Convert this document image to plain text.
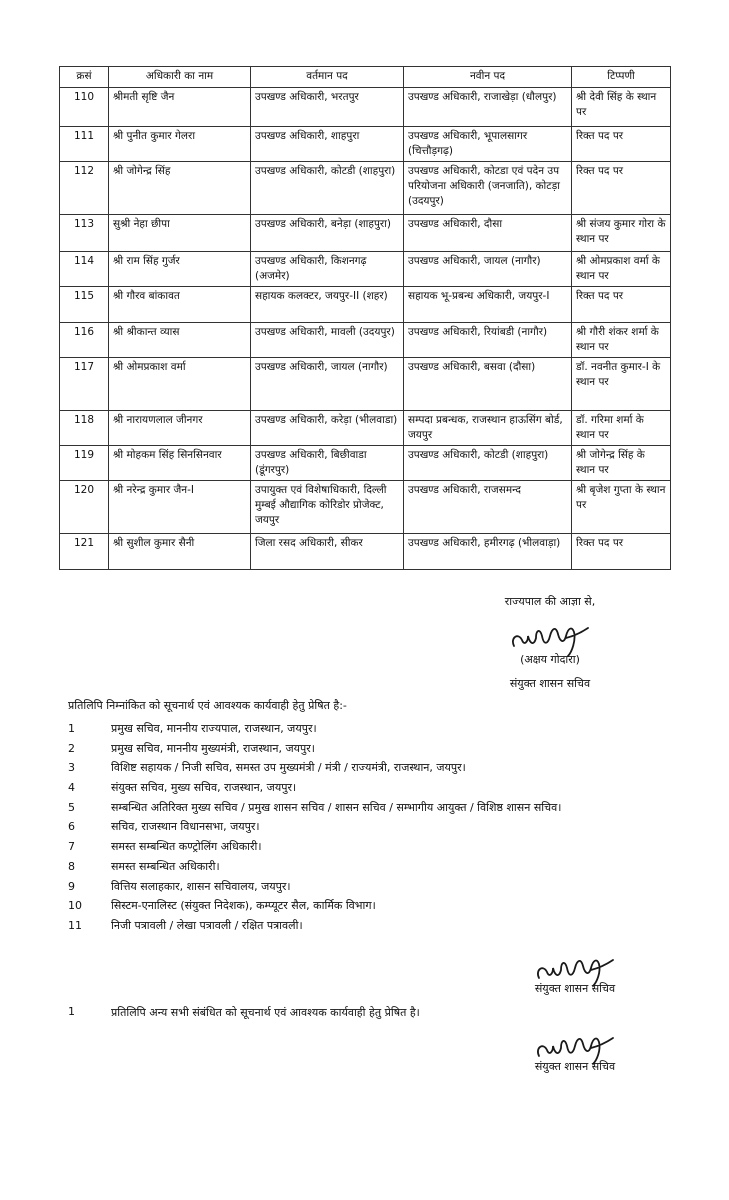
क्रसं	अधिकारी का नाम	वर्तमान पद	नवीन पद	टिप्पणी
110	श्रीमती सृष्टि जैन	उपखण्ड अधिकारी, भरतपुर	उपखण्ड अधिकारी, राजाखेड़ा (धौलपुर)	श्री देवी सिंह के स्थान पर
111	श्री पुनीत कुमार गेलरा	उपखण्ड अधिकारी, शाहपुरा	उपखण्ड अधिकारी, भूपालसागर (चित्तौड़गढ़)	रिक्त पद पर
112	श्री जोगेन्द्र सिंह	उपखण्ड अधिकारी, कोटडी (शाहपुरा)	उपखण्ड अधिकारी, कोटडा एवं पदेन उप परियोजना अधिकारी (जनजाति), कोटड़ा (उदयपुर)	रिक्त पद पर
113	सुश्री नेहा छीपा	उपखण्ड अधिकारी, बनेड़ा (शाहपुरा)	उपखण्ड अधिकारी, दौसा	श्री संजय कुमार गोरा के स्थान पर
114	श्री राम सिंह गुर्जर	उपखण्ड अधिकारी, किशनगढ़ (अजमेर)	उपखण्ड अधिकारी, जायल (नागौर)	श्री ओमप्रकाश वर्मा के स्थान पर
115	श्री गौरव बांकावत	सहायक कलक्टर, जयपुर-II (शहर)	सहायक भू-प्रबन्ध अधिकारी, जयपुर-I	रिक्त पद पर
116	श्री श्रीकान्त व्यास	उपखण्ड अधिकारी, मावली (उदयपुर)	उपखण्ड अधिकारी, रियांबडी (नागौर)	श्री गौरी शंकर शर्मा के स्थान पर
117	श्री ओमप्रकाश वर्मा	उपखण्ड अधिकारी, जायल (नागौर)	उपखण्ड अधिकारी, बसवा (दौसा)	डॉ. नवनीत कुमार-I के स्थान पर
118	श्री नारायणलाल जीनगर	उपखण्ड अधिकारी, करेड़ा (भीलवाडा)	सम्पदा प्रबन्धक, राजस्थान हाऊसिंग बोर्ड, जयपुर	डॉ. गरिमा शर्मा के स्थान पर
119	श्री मोहकम सिंह सिनसिनवार	उपखण्ड अधिकारी, बिछीवाडा (डूंगरपुर)	उपखण्ड अधिकारी, कोटडी (शाहपुरा)	श्री जोगेन्द्र सिंह के स्थान पर
120	श्री नरेन्द्र कुमार जैन-I	उपायुक्त एवं विशेषाधिकारी, दिल्ली मुम्बई औद्यागिक कोरिडोर प्रोजेक्ट, जयपुर	उपखण्ड अधिकारी, राजसमन्द	श्री बृजेश गुप्ता के स्थान पर
121	श्री सुशील कुमार सैनी	जिला रसद अधिकारी, सीकर	उपखण्ड अधिकारी, हमीरगढ़ (भीलवाड़ा)	रिक्त पद पर
राज्यपाल की आज्ञा से,
(अक्षय गोदारा)
संयुक्त शासन सचिव
प्रतिलिपि निम्नांकित को सूचनार्थ एवं आवश्यक कार्यवाही हेतु प्रेषित है:-
1	प्रमुख सचिव, माननीय राज्यपाल, राजस्थान, जयपुर।
2	प्रमुख सचिव, माननीय मुख्यमंत्री, राजस्थान, जयपुर।
3	विशिष्ट सहायक / निजी सचिव, समस्त उप मुख्यमंत्री / मंत्री / राज्यमंत्री, राजस्थान, जयपुर।
4	संयुक्त सचिव, मुख्य सचिव, राजस्थान, जयपुर।
5	सम्बन्धित अतिरिक्त मुख्य सचिव / प्रमुख शासन सचिव / शासन सचिव / सम्भागीय आयुक्त / विशिष्ठ शासन सचिव।
6	सचिव, राजस्थान विधानसभा, जयपुर।
7	समस्त सम्बन्धित कण्ट्रोलिंग अधिकारी।
8	समस्त सम्बन्धित अधिकारी।
9	वित्तिय सलाहकार, शासन सचिवालय, जयपुर।
10	सिस्टम-एनालिस्ट (संयुक्त निदेशक), कम्प्यूटर सैल, कार्मिक विभाग।
11	निजी पत्रावली / लेखा पत्रावली / रक्षित पत्रावली।
संयुक्त शासन सचिव
1	प्रतिलिपि अन्य सभी संबंधित को सूचनार्थ एवं आवश्यक कार्यवाही हेतु प्रेषित है।
संयुक्त शासन सचिव
